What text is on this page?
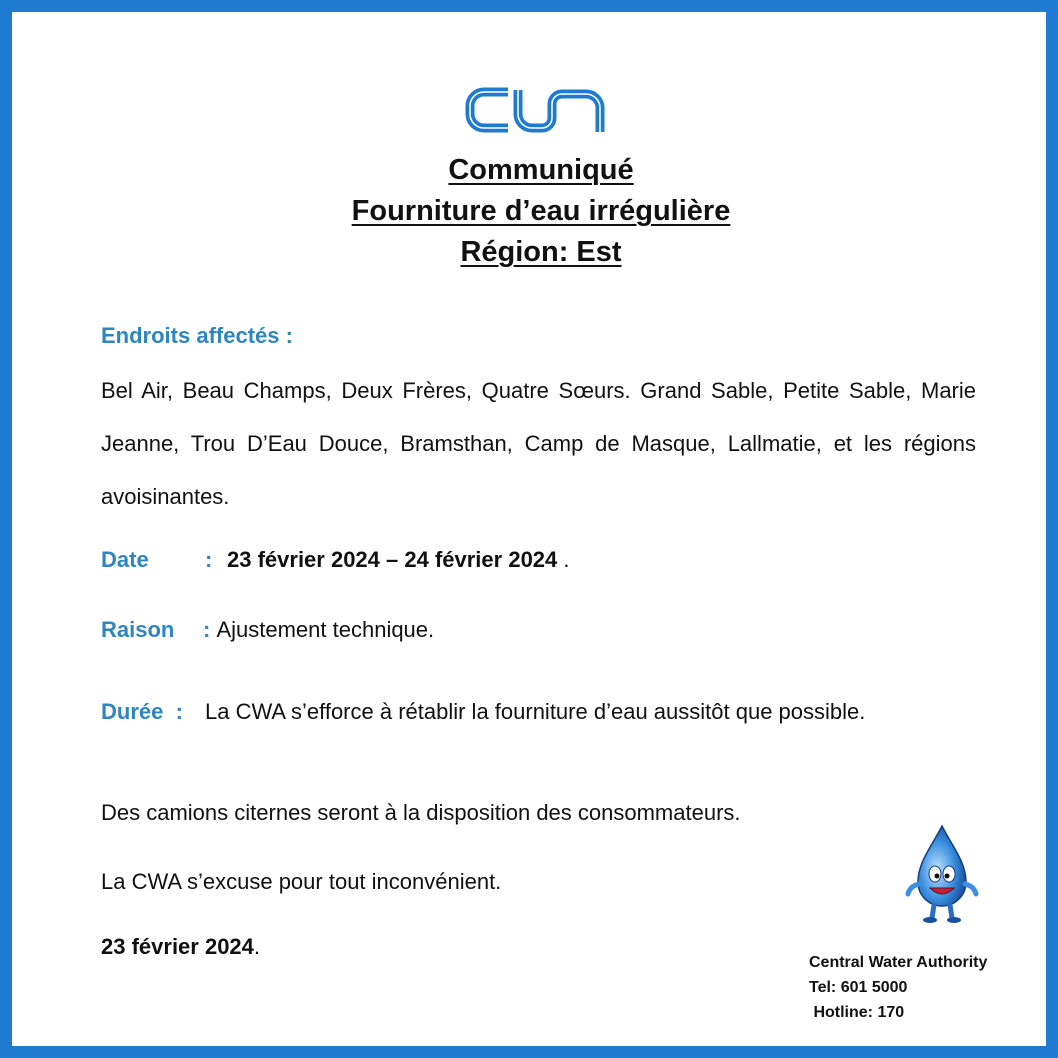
Communiqué
Fourniture d’eau irrégulière
Région: Est
Endroits affectés :
Bel Air, Beau Champs, Deux Frères, Quatre Sœurs. Grand Sable, Petite Sable, Marie Jeanne, Trou D’Eau Douce, Bramsthan, Camp de Masque, Lallmatie, et les régions avoisinantes.
Date	: 23 février 2024 – 24 février 2024 .
Raison : Ajustement technique.
Durée : La CWA s’efforce à rétablir la fourniture d’eau aussitôt que possible.
Des camions citernes seront à la disposition des consommateurs.
La CWA s’excuse pour tout inconvénient.
23 février 2024.
Central Water Authority
Tel: 601 5000
Hotline: 170
